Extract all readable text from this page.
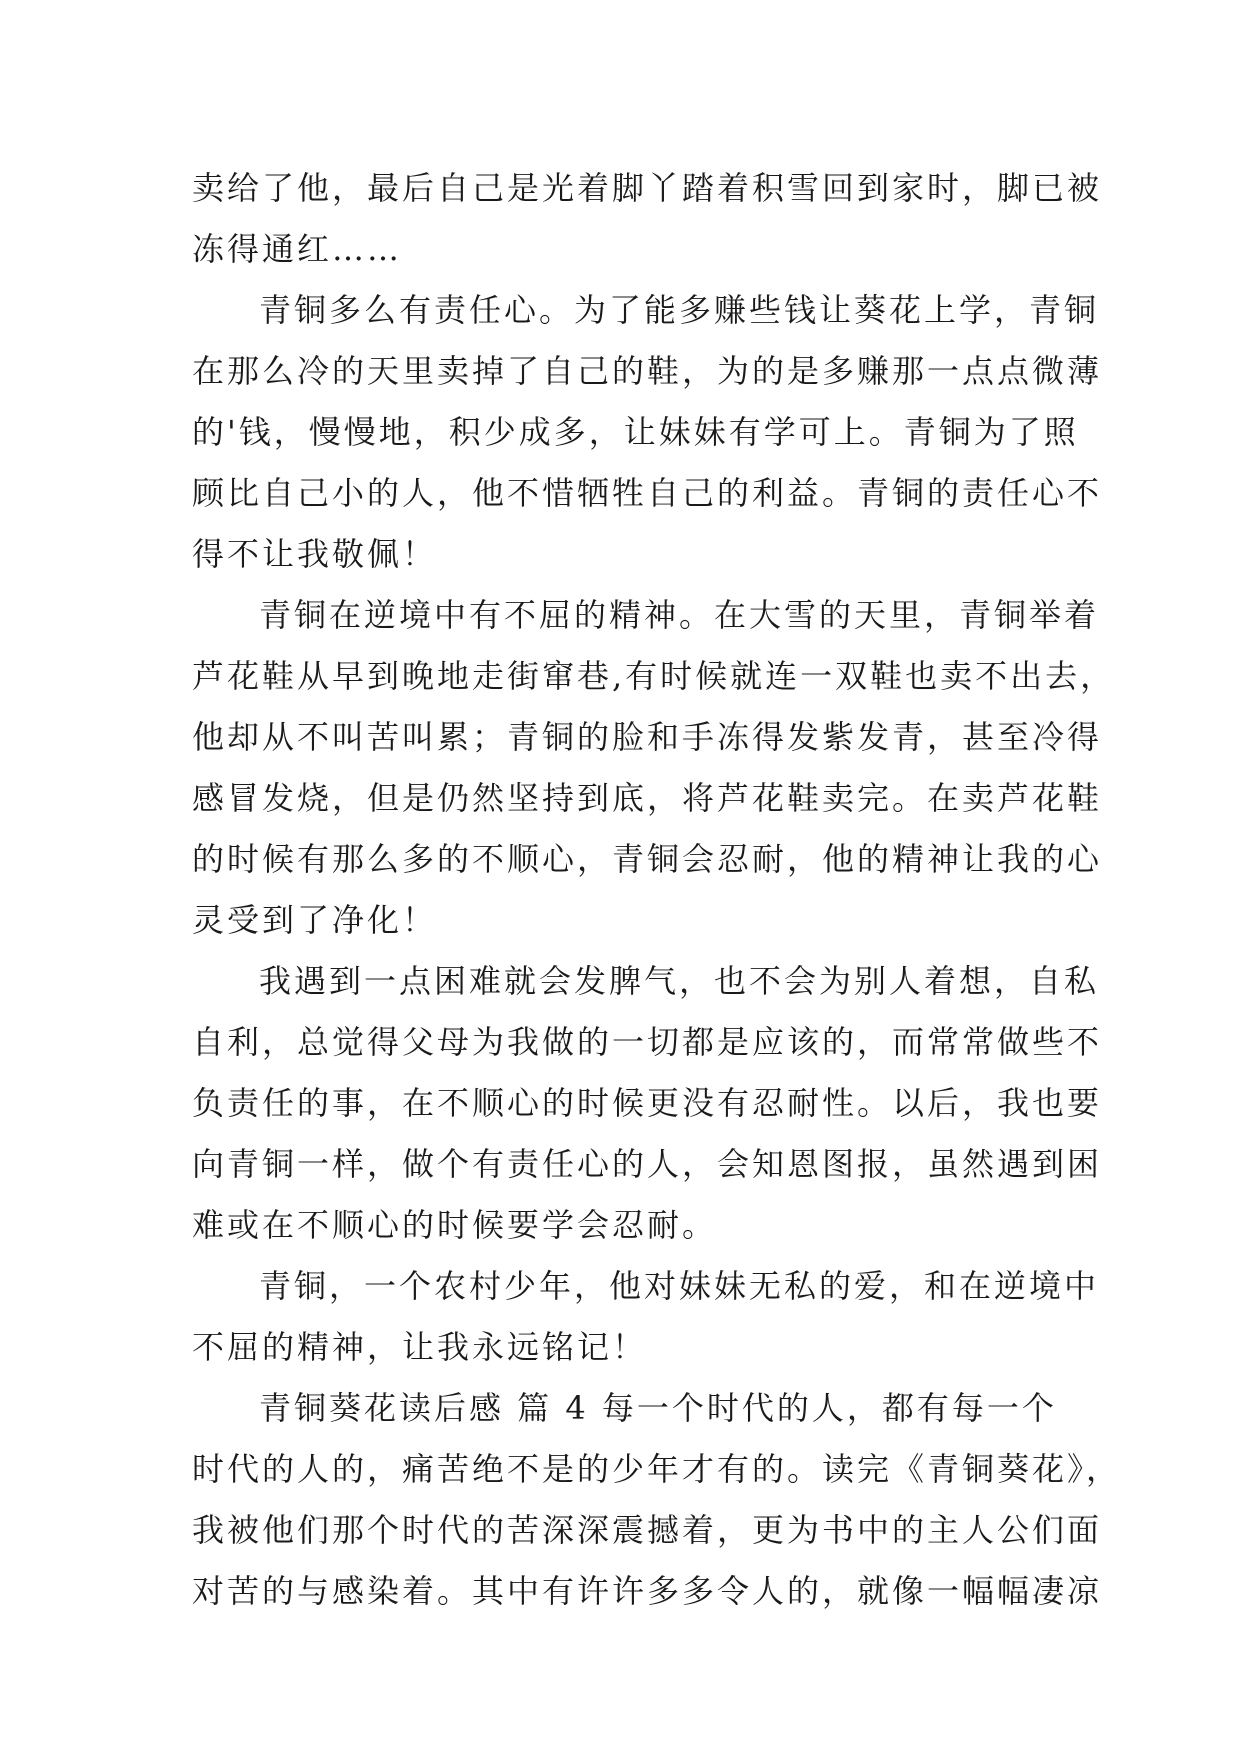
卖给了他，最后自己是光着脚丫踏着积雪回到家时，脚已被
冻得通红……
青铜多么有责任心。为了能多赚些钱让葵花上学，青铜
在那么冷的天里卖掉了自己的鞋，为的是多赚那一点点微薄
的'钱，慢慢地，积少成多，让妹妹有学可上。青铜为了照
顾比自己小的人，他不惜牺牲自己的利益。青铜的责任心不
得不让我敬佩！
青铜在逆境中有不屈的精神。在大雪的天里，青铜举着
芦花鞋从早到晚地走街窜巷,有时候就连一双鞋也卖不出去，
他却从不叫苦叫累；青铜的脸和手冻得发紫发青，甚至冷得
感冒发烧，但是仍然坚持到底，将芦花鞋卖完。在卖芦花鞋
的时候有那么多的不顺心，青铜会忍耐，他的精神让我的心
灵受到了净化！
我遇到一点困难就会发脾气，也不会为别人着想，自私
自利，总觉得父母为我做的一切都是应该的，而常常做些不
负责任的事，在不顺心的时候更没有忍耐性。以后，我也要
向青铜一样，做个有责任心的人，会知恩图报，虽然遇到困
难或在不顺心的时候要学会忍耐。
青铜，一个农村少年，他对妹妹无私的爱，和在逆境中
不屈的精神，让我永远铭记！
青铜葵花读后感 篇 4 每一个时代的人，都有每一个
时代的人的，痛苦绝不是的少年才有的。读完《青铜葵花》，
我被他们那个时代的苦深深震撼着，更为书中的主人公们面
对苦的与感染着。其中有许许多多令人的，就像一幅幅凄凉
